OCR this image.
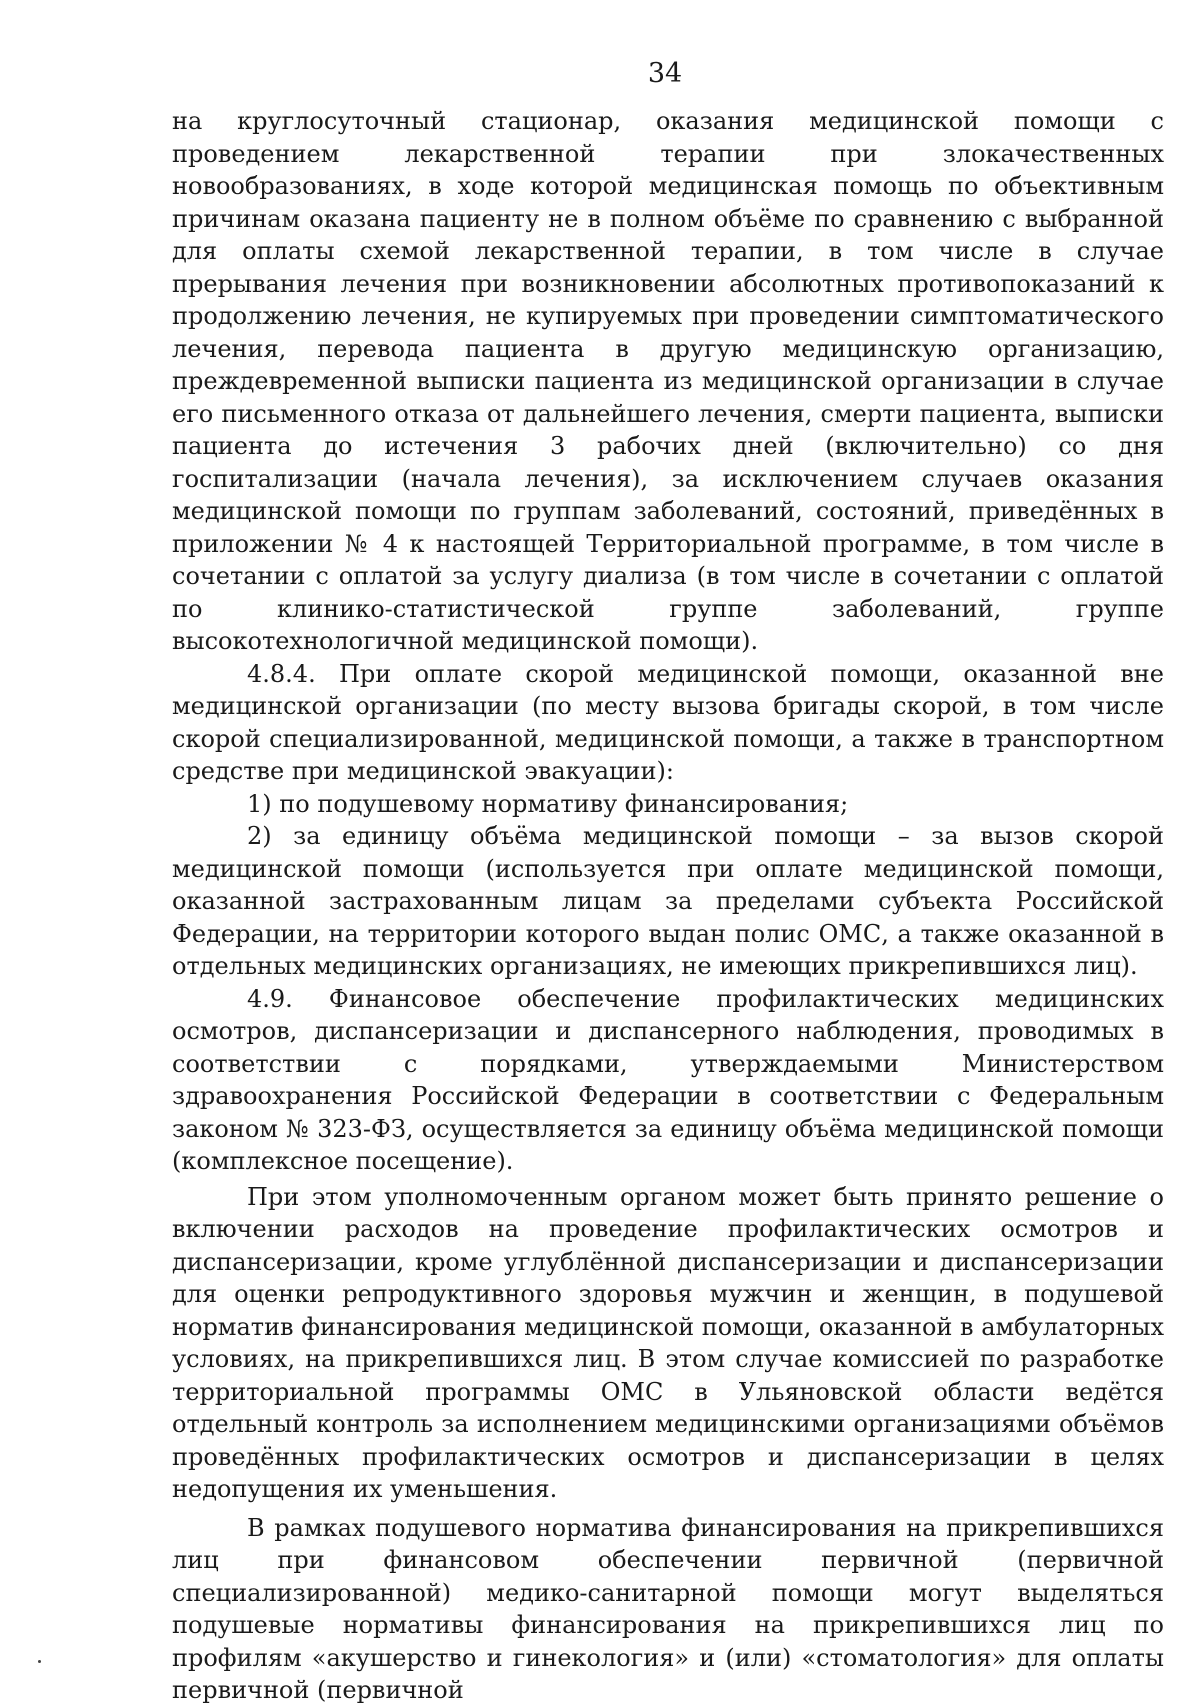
34

на круглосуточный стационар, оказания медицинской помощи с проведением лекарственной терапии при злокачественных новообразованиях, в ходе которой медицинская помощь по объективным причинам оказана пациенту не в полном объёме по сравнению с выбранной для оплаты схемой лекарственной терапии, в том числе в случае прерывания лечения при возникновении абсолютных противопоказаний к продолжению лечения, не купируемых при проведении симптоматического лечения, перевода пациента в другую медицинскую организацию, преждевременной выписки пациента из медицинской организации в случае его письменного отказа от дальнейшего лечения, смерти пациента, выписки пациента до истечения 3 рабочих дней (включительно) со дня госпитализации (начала лечения), за исключением случаев оказания медицинской помощи по группам заболеваний, состояний, приведённых в приложении № 4 к настоящей Территориальной программе, в том числе в сочетании с оплатой за услугу диализа (в том числе в сочетании с оплатой по клинико-статистической группе заболеваний, группе высокотехнологичной медицинской помощи).

4.8.4. При оплате скорой медицинской помощи, оказанной вне медицинской организации (по месту вызова бригады скорой, в том числе скорой специализированной, медицинской помощи, а также в транспортном средстве при медицинской эвакуации):

1) по подушевому нормативу финансирования;

2) за единицу объёма медицинской помощи – за вызов скорой медицинской помощи (используется при оплате медицинской помощи, оказанной застрахованным лицам за пределами субъекта Российской Федерации, на территории которого выдан полис ОМС, а также оказанной в отдельных медицинских организациях, не имеющих прикрепившихся лиц).

4.9. Финансовое обеспечение профилактических медицинских осмотров, диспансеризации и диспансерного наблюдения, проводимых в соответствии с порядками, утверждаемыми Министерством здравоохранения Российской Федерации в соответствии с Федеральным законом № 323-ФЗ, осуществляется за единицу объёма медицинской помощи (комплексное посещение).

При этом уполномоченным органом может быть принято решение о включении расходов на проведение профилактических осмотров и диспансеризации, кроме углублённой диспансеризации и диспансеризации для оценки репродуктивного здоровья мужчин и женщин, в подушевой норматив финансирования медицинской помощи, оказанной в амбулаторных условиях, на прикрепившихся лиц. В этом случае комиссией по разработке территориальной программы ОМС в Ульяновской области ведётся отдельный контроль за исполнением медицинскими организациями объёмов проведённых профилактических осмотров и диспансеризации в целях недопущения их уменьшения.

В рамках подушевого норматива финансирования на прикрепившихся лиц при финансовом обеспечении первичной (первичной специализированной) медико-санитарной помощи могут выделяться подушевые нормативы финансирования на прикрепившихся лиц по профилям «акушерство и гинекология» и (или) «стоматология» для оплаты первичной (первичной
